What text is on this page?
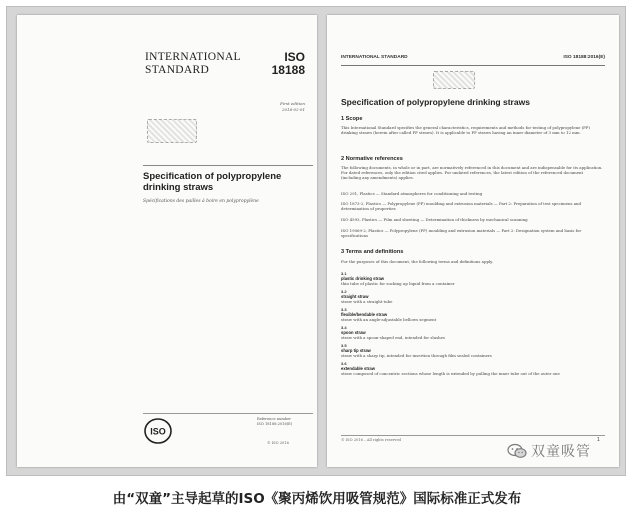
INTERNATIONAL
STANDARD
ISO
18188
First edition
2016-02-01
Specification of polypropylene
drinking straws
Spécifications des pailles à boire en polypropylène
ISO
Reference number
ISO 18188:2016(E)
© ISO 2016
INTERNATIONAL STANDARD	ISO 18188:2016(E)
Specification of polypropylene drinking straws
1 Scope
This International Standard specifies the general characteristics, requirements and methods for testing of polypropylene (PP) drinking straws (herein after called PP straws). It is applicable to PP straws having an inner diameter of 3 mm to 12 mm.
2 Normative references
The following documents, in whole or in part, are normatively referenced in this document and are indispensable for its application. For dated references, only the edition cited applies. For undated references, the latest edition of the referenced document (including any amendments) applies.
ISO 291, Plastics — Standard atmospheres for conditioning and testing
ISO 1873-2, Plastics — Polypropylene (PP) moulding and extrusion materials — Part 2: Preparation of test specimens and determination of properties
ISO 4593, Plastics — Film and sheeting — Determination of thickness by mechanical scanning
ISO 19069-2, Plastics — Polypropylene (PP) moulding and extrusion materials — Part 2: Designation system and basis for specifications
3 Terms and definitions
For the purposes of this document, the following terms and definitions apply.
3.1
plastic drinking straw
thin tube of plastic for sucking up liquid from a container
3.2
straight straw
straw with a straight tube
3.3
flexible/bendable straw
straw with an angle-adjustable bellows segment
3.4
spoon straw
straw with a spoon-shaped end, intended for slushes
3.5
sharp tip straw
straw with a sharp tip, intended for insertion through film sealed containers
3.6
extendable straw
straw composed of concentric sections whose length is extended by pulling the inner tube out of the outer one
© ISO 2016 – All rights reserved	1
双童吸管
由“双童”主导起草的ISO《聚丙烯饮用吸管规范》国际标准正式发布
